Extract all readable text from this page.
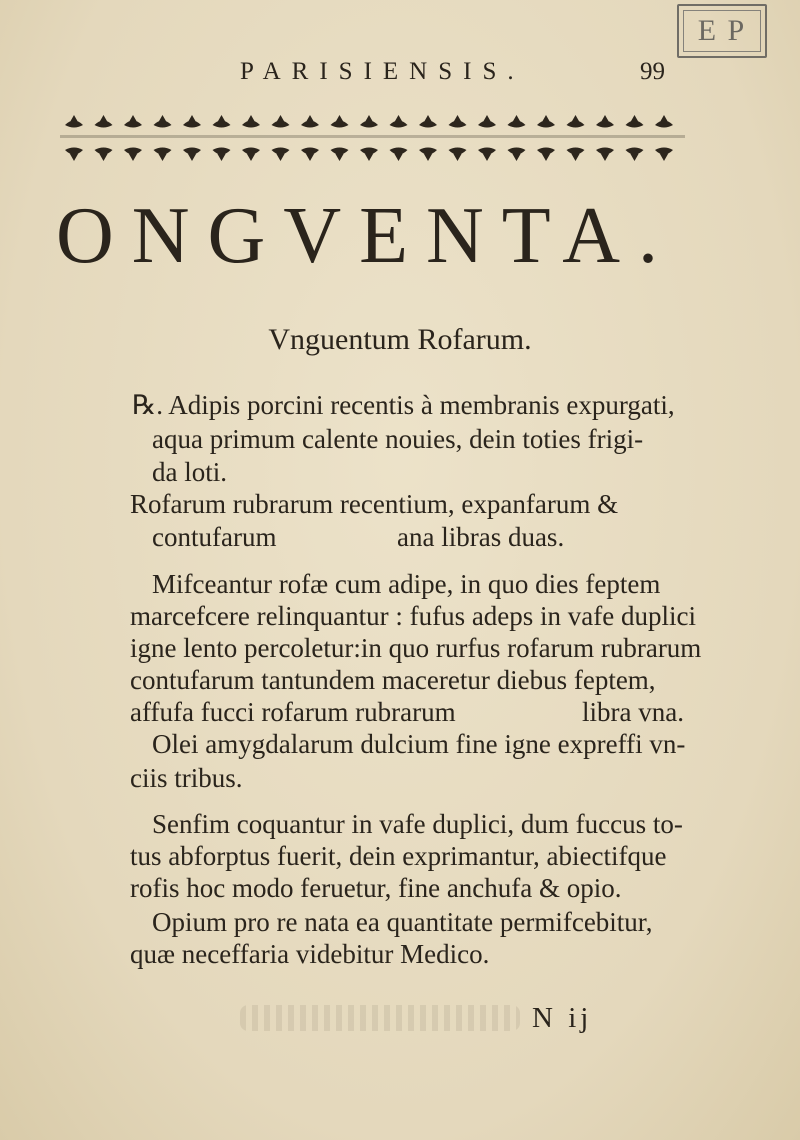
E P
PARISIENSIS.	99
ONGVENTA.
Vnguentum Rofarum.
℞. Adipis porcini recentis à membranis expurgati,
aqua primum calente nouies, dein toties frigi-
da loti.
Rofarum rubrarum recentium, expanfarum &
contufarum	ana libras duas.
Mifceantur rofæ cum adipe, in quo dies feptem
marcefcere relinquantur : fufus adeps in vafe duplici
igne lento percoletur:in quo rurfus rofarum rubrarum
contufarum tantundem maceretur diebus feptem,
affufa fucci rofarum rubrarum	libra vna.
Olei amygdalarum dulcium fine igne expreffi vn-
ciis tribus.
Senfim coquantur in vafe duplici, dum fuccus to-
tus abforptus fuerit, dein exprimantur, abiectifque
rofis hoc modo feruetur, fine anchufa & opio.
Opium pro re nata ea quantitate permifcebitur,
quæ neceffaria videbitur Medico.
N ij
